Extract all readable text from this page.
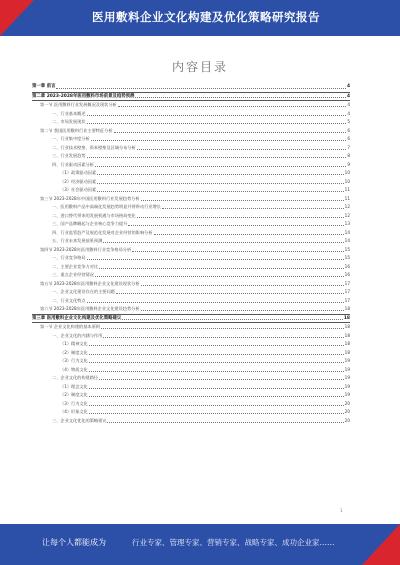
医用敷料企业文化构建及优化策略研究报告
内容目录
第一章 前言	4
第二章 2023-2028年医用敷料市场前景及趋势预测	4
第一节 医用敷料行业发展概况及现状分析	4
一、行业基本概述	4
二、市场发展现状	5
第二节 我国医用敷料行业主要特征分析	6
一、行业集中度分析	6
二、行业技术壁垒、资本壁垒及区域分布分析	7
三、行业发展趋势	8
四、行业驱动因素分析	9
（1）政策驱动因素	10
（2）经济驱动因素	10
（3）社会驱动因素	11
第三节 2023-2028年中国医用敷料行业发展趋势分析	11
一、医用敷料产品中高端化发展趋势明显并将带动行业增长	12
二、进口替代带来的发展机遇与市场格局变化	12
三、国产品牌崛起与企业核心竞争力提升	13
四、行业监管趋严及规范化发展对企业经营的影响分析	14
五、行业未来发展前景预测	14
第四节 2023-2028年医用敷料行业竞争格局分析	15
一、行业竞争格局	15
二、主要企业竞争力对比	16
三、重点企业经营情况	16
第五节 2023-2028年医用敷料企业文化建设现状分析	17
一、企业文化建设存在的主要问题	17
二、行业文化特点	17
第六节 2023-2028年医用敷料企业文化建设趋势分析	18
第三章 医用敷料企业文化构建及优化策略建议	18
第一节 企业文化构建的基本原则	18
一、企业文化的内涵与作用	18
（1）精神文化	18
（2）制度文化	18
（3）行为文化	19
（4）物质文化	19
二、企业文化的构建路径	19
（1）理念文化	19
（2）制度文化	19
（3）行为文化	20
（4）形象文化	20
三、企业文化优化的策略建议	20
1
让每个人都能成为	行业专家、管理专家、营销专家、战略专家、成功企业家……
